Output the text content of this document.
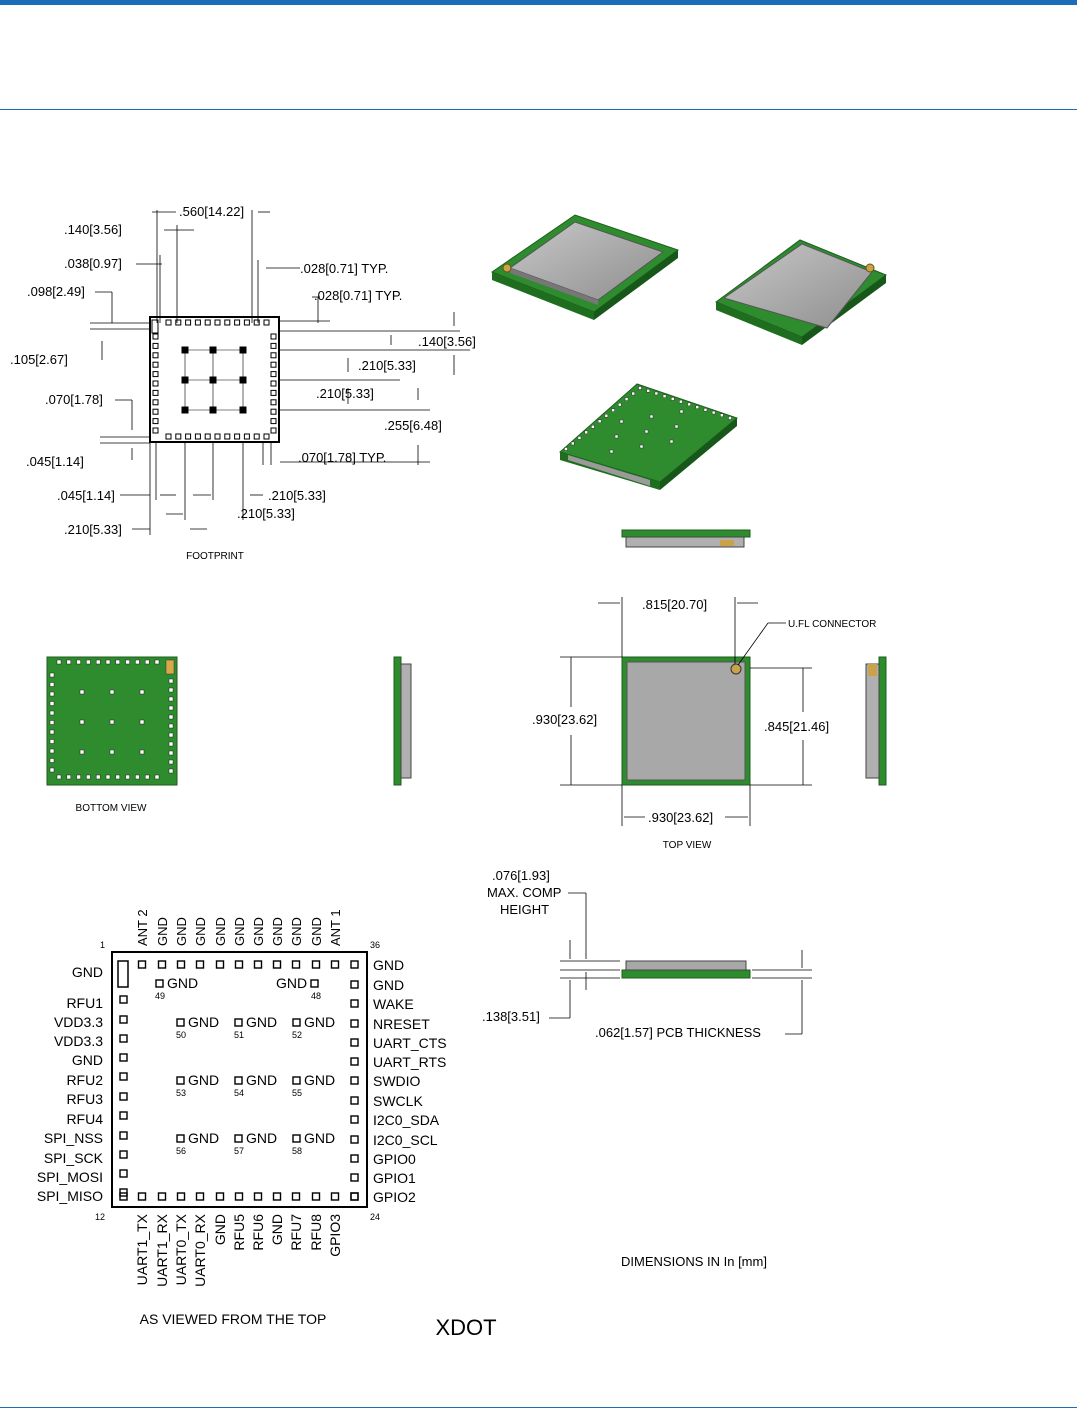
.560[14.22]
.140[3.56]
.038[0.97]	.028[0.71] TYP.
.098[2.49]	.028[0.71] TYP.
.140[3.56]
.105[2.67]	.210[5.33]
.210[5.33]
.070[1.78]
.255[6.48]
.045[1.14]	.070[1.78] TYP.
.045[1.14]	.210[5.33]
.210[5.33]
.210[5.33]
FOOTPRINT
BOTTOM VIEW
.815[20.70]
.930[23.62]	.845[21.46]
.930[23.62]
U.FL CONNECTOR
TOP VIEW
ANT 2 GND GND GND GND GND GND GND GND GND ANT 1
GND
RFU1
VDD3.3
VDD3.3
GND
RFU2
RFU3
RFU4
SPI_NSS
SPI_SCK
SPI_MOSI
SPI_MISO
GND
GND
WAKE
NRESET
UART_CTS
UART_RTS
SWDIO
SWCLK
I2C0_SDA
I2C0_SCL
GPIO0
GPIO1
GPIO2
UART1_TX UART1_RX UART0_TX UART0_RX GND RFU5 RFU6 GND RFU7 RFU8 GPIO3
1	36
12	24
GND
49
GND
48
GND
50
GND
51
GND
52
GND
53
GND
54
GND
55
GND
56
GND
57
GND
58
AS VIEWED FROM THE TOP
.076[1.93]
MAX. COMP
HEIGHT
.138[3.51]
.062[1.57] PCB THICKNESS
DIMENSIONS IN In [mm]
XDOT
